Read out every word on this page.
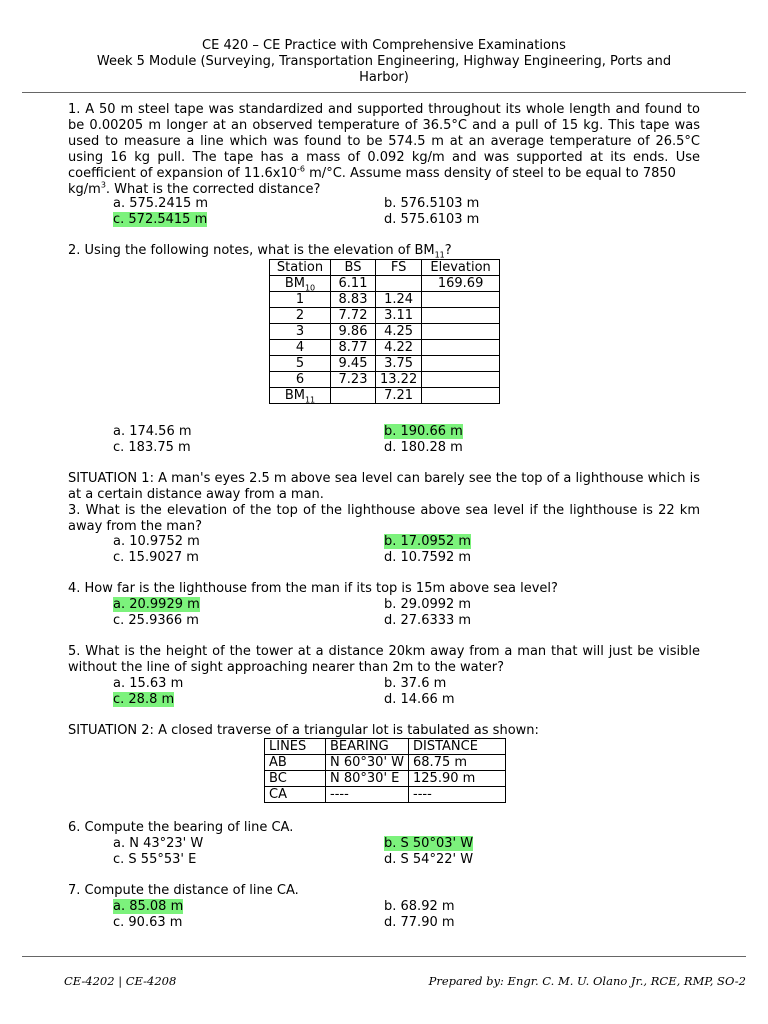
CE 420 – CE Practice with Comprehensive Examinations
Week 5 Module (Surveying, Transportation Engineering, Highway Engineering, Ports and
Harbor)
1. A 50 m steel tape was standardized and supported throughout its whole length and found to be 0.00205 m longer at an observed temperature of 36.5°C and a pull of 15 kg. This tape was used to measure a line which was found to be 574.5 m at an average temperature of 26.5°C using 16 kg pull. The tape has a mass of 0.092 kg/m and was supported at its ends. Use coefficient of expansion of $11.6x10^{-6}$ m/°C. Assume mass density of steel to be equal to 7850
$kg/m^3$. What is the corrected distance?
a. 575.2415 m	b. 576.5103 m
c. 572.5415 m	d. 575.6103 m
2. Using the following notes, what is the elevation of $BM_{11}$?
Station	BS	FS	Elevation
$BM_{10}$	6.11		169.69
1	8.83	1.24	
2	7.72	3.11	
3	9.86	4.25	
4	8.77	4.22	
5	9.45	3.75	
6	7.23	13.22	
$BM_{11}$		7.21	
a. 174.56 m	b. 190.66 m
c. 183.75 m	d. 180.28 m
SITUATION 1: A man's eyes 2.5 m above sea level can barely see the top of a lighthouse which is at a certain distance away from a man.
3. What is the elevation of the top of the lighthouse above sea level if the lighthouse is 22 km away from the man?
a. 10.9752 m	b. 17.0952 m
c. 15.9027 m	d. 10.7592 m
4. How far is the lighthouse from the man if its top is 15m above sea level?
a. 20.9929 m	b. 29.0992 m
c. 25.9366 m	d. 27.6333 m
5. What is the height of the tower at a distance 20km away from a man that will just be visible without the line of sight approaching nearer than 2m to the water?
a. 15.63 m	b. 37.6 m
c. 28.8 m	d. 14.66 m
SITUATION 2: A closed traverse of a triangular lot is tabulated as shown:
LINES	BEARING	DISTANCE
AB	N 60°30' W	68.75 m
BC	N 80°30' E	125.90 m
CA	----	----
6. Compute the bearing of line CA.
a. N 43°23' W	b. S 50°03' W
c. S 55°53' E	d. S 54°22' W
7. Compute the distance of line CA.
a. 85.08 m	b. 68.92 m
c. 90.63 m	d. 77.90 m
CE-4202 | CE-4208	Prepared by: Engr. C. M. U. Olano Jr., RCE, RMP, SO-2
